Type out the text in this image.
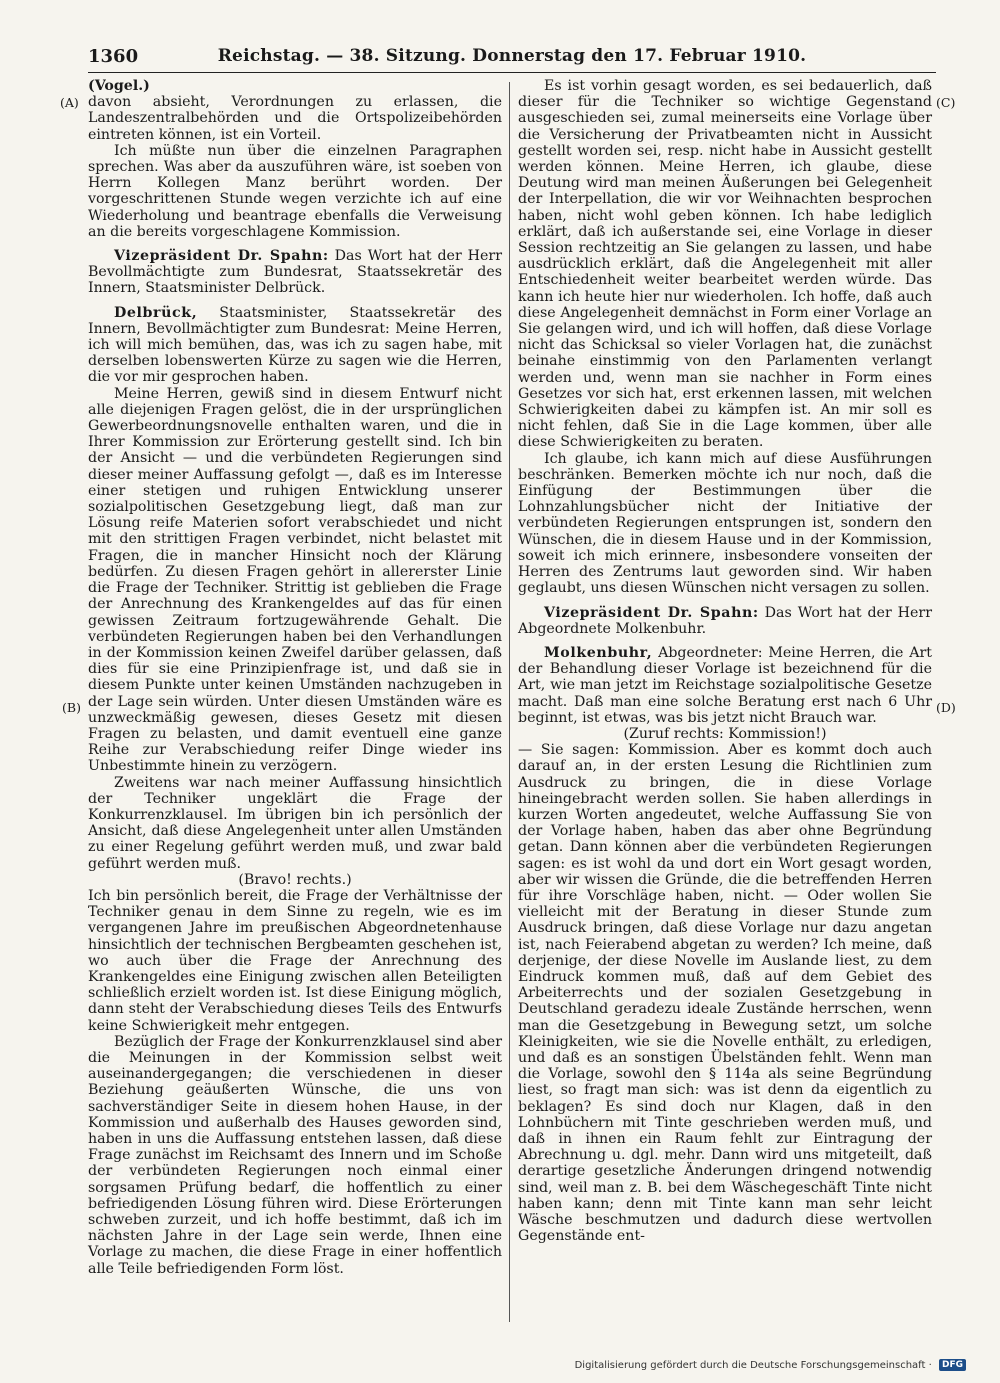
1360	Reichstag. — 38. Sitzung. Donnerstag den 17. Februar 1910.
(A)
(B)
(C)
(D)

(Vogel.)

davon absieht, Verordnungen zu erlassen, die Landeszentralbehörden und die Ortspolizeibehörden eintreten können, ist ein Vorteil.

Ich müßte nun über die einzelnen Paragraphen sprechen. Was aber da auszuführen wäre, ist soeben von Herrn Kollegen Manz berührt worden. Der vorgeschrittenen Stunde wegen verzichte ich auf eine Wiederholung und beantrage ebenfalls die Verweisung an die bereits vorgeschlagene Kommission.

Vizepräsident Dr. Spahn: Das Wort hat der Herr Bevollmächtigte zum Bundesrat, Staatssekretär des Innern, Staatsminister Delbrück.

Delbrück, Staatsminister, Staatssekretär des Innern, Bevollmächtigter zum Bundesrat: Meine Herren, ich will mich bemühen, das, was ich zu sagen habe, mit derselben lobenswerten Kürze zu sagen wie die Herren, die vor mir gesprochen haben.

Meine Herren, gewiß sind in diesem Entwurf nicht alle diejenigen Fragen gelöst, die in der ursprünglichen Gewerbeordnungsnovelle enthalten waren, und die in Ihrer Kommission zur Erörterung gestellt sind. Ich bin der Ansicht — und die verbündeten Regierungen sind dieser meiner Auffassung gefolgt —, daß es im Interesse einer stetigen und ruhigen Entwicklung unserer sozialpolitischen Gesetzgebung liegt, daß man zur Lösung reife Materien sofort verabschiedet und nicht mit den strittigen Fragen verbindet, nicht belastet mit Fragen, die in mancher Hinsicht noch der Klärung bedürfen. Zu diesen Fragen gehört in allererster Linie die Frage der Techniker. Strittig ist geblieben die Frage der Anrechnung des Krankengeldes auf das für einen gewissen Zeitraum fortzugewährende Gehalt. Die verbündeten Regierungen haben bei den Verhandlungen in der Kommission keinen Zweifel darüber gelassen, daß dies für sie eine Prinzipienfrage ist, und daß sie in diesem Punkte unter keinen Umständen nachzugeben in der Lage sein würden. Unter diesen Umständen wäre es unzweckmäßig gewesen, dieses Gesetz mit diesen Fragen zu belasten, und damit eventuell eine ganze Reihe zur Verabschiedung reifer Dinge wieder ins Unbestimmte hinein zu verzögern.

Zweitens war nach meiner Auffassung hinsichtlich der Techniker ungeklärt die Frage der Konkurrenzklausel. Im übrigen bin ich persönlich der Ansicht, daß diese Angelegenheit unter allen Umständen zu einer Regelung geführt werden muß, und zwar bald geführt werden muß.

(Bravo! rechts.)

Ich bin persönlich bereit, die Frage der Verhältnisse der Techniker genau in dem Sinne zu regeln, wie es im vergangenen Jahre im preußischen Abgeordnetenhause hinsichtlich der technischen Bergbeamten geschehen ist, wo auch über die Frage der Anrechnung des Krankengeldes eine Einigung zwischen allen Beteiligten schließlich erzielt worden ist. Ist diese Einigung möglich, dann steht der Verabschiedung dieses Teils des Entwurfs keine Schwierigkeit mehr entgegen.

Bezüglich der Frage der Konkurrenzklausel sind aber die Meinungen in der Kommission selbst weit auseinandergegangen; die verschiedenen in dieser Beziehung geäußerten Wünsche, die uns von sachverständiger Seite in diesem hohen Hause, in der Kommission und außerhalb des Hauses geworden sind, haben in uns die Auffassung entstehen lassen, daß diese Frage zunächst im Reichsamt des Innern und im Schoße der verbündeten Regierungen noch einmal einer sorgsamen Prüfung bedarf, die hoffentlich zu einer befriedigenden Lösung führen wird. Diese Erörterungen schweben zurzeit, und ich hoffe bestimmt, daß ich im nächsten Jahre in der Lage sein werde, Ihnen eine Vorlage zu machen, die diese Frage in einer hoffentlich alle Teile befriedigenden Form löst.

Es ist vorhin gesagt worden, es sei bedauerlich, daß dieser für die Techniker so wichtige Gegenstand ausgeschieden sei, zumal meinerseits eine Vorlage über die Versicherung der Privatbeamten nicht in Aussicht gestellt worden sei, resp. nicht habe in Aussicht gestellt werden können. Meine Herren, ich glaube, diese Deutung wird man meinen Äußerungen bei Gelegenheit der Interpellation, die wir vor Weihnachten besprochen haben, nicht wohl geben können. Ich habe lediglich erklärt, daß ich außerstande sei, eine Vorlage in dieser Session rechtzeitig an Sie gelangen zu lassen, und habe ausdrücklich erklärt, daß die Angelegenheit mit aller Entschiedenheit weiter bearbeitet werden würde. Das kann ich heute hier nur wiederholen. Ich hoffe, daß auch diese Angelegenheit demnächst in Form einer Vorlage an Sie gelangen wird, und ich will hoffen, daß diese Vorlage nicht das Schicksal so vieler Vorlagen hat, die zunächst beinahe einstimmig von den Parlamenten verlangt werden und, wenn man sie nachher in Form eines Gesetzes vor sich hat, erst erkennen lassen, mit welchen Schwierigkeiten dabei zu kämpfen ist. An mir soll es nicht fehlen, daß Sie in die Lage kommen, über alle diese Schwierigkeiten zu beraten.

Ich glaube, ich kann mich auf diese Ausführungen beschränken. Bemerken möchte ich nur noch, daß die Einfügung der Bestimmungen über die Lohnzahlungsbücher nicht der Initiative der verbündeten Regierungen entsprungen ist, sondern den Wünschen, die in diesem Hause und in der Kommission, soweit ich mich erinnere, insbesondere vonseiten der Herren des Zentrums laut geworden sind. Wir haben geglaubt, uns diesen Wünschen nicht versagen zu sollen.

Vizepräsident Dr. Spahn: Das Wort hat der Herr Abgeordnete Molkenbuhr.

Molkenbuhr, Abgeordneter: Meine Herren, die Art der Behandlung dieser Vorlage ist bezeichnend für die Art, wie man jetzt im Reichstage sozialpolitische Gesetze macht. Daß man eine solche Beratung erst nach 6 Uhr beginnt, ist etwas, was bis jetzt nicht Brauch war.

(Zuruf rechts: Kommission!)

— Sie sagen: Kommission. Aber es kommt doch auch darauf an, in der ersten Lesung die Richtlinien zum Ausdruck zu bringen, die in diese Vorlage hineingebracht werden sollen. Sie haben allerdings in kurzen Worten angedeutet, welche Auffassung Sie von der Vorlage haben, haben das aber ohne Begründung getan. Dann können aber die verbündeten Regierungen sagen: es ist wohl da und dort ein Wort gesagt worden, aber wir wissen die Gründe, die die betreffenden Herren für ihre Vorschläge haben, nicht. — Oder wollen Sie vielleicht mit der Beratung in dieser Stunde zum Ausdruck bringen, daß diese Vorlage nur dazu angetan ist, nach Feierabend abgetan zu werden? Ich meine, daß derjenige, der diese Novelle im Auslande liest, zu dem Eindruck kommen muß, daß auf dem Gebiet des Arbeiterrechts und der sozialen Gesetzgebung in Deutschland geradezu ideale Zustände herrschen, wenn man die Gesetzgebung in Bewegung setzt, um solche Kleinigkeiten, wie sie die Novelle enthält, zu erledigen, und daß es an sonstigen Übelständen fehlt. Wenn man die Vorlage, sowohl den § 114a als seine Begründung liest, so fragt man sich: was ist denn da eigentlich zu beklagen? Es sind doch nur Klagen, daß in den Lohnbüchern mit Tinte geschrieben werden muß, und daß in ihnen ein Raum fehlt zur Eintragung der Abrechnung u. dgl. mehr. Dann wird uns mitgeteilt, daß derartige gesetzliche Änderungen dringend notwendig sind, weil man z. B. bei dem Wäschegeschäft Tinte nicht haben kann; denn mit Tinte kann man sehr leicht Wäsche beschmutzen und dadurch diese wertvollen Gegenstände ent-

Digitalisierung gefördert durch die Deutsche Forschungsgemeinschaft · DFG
